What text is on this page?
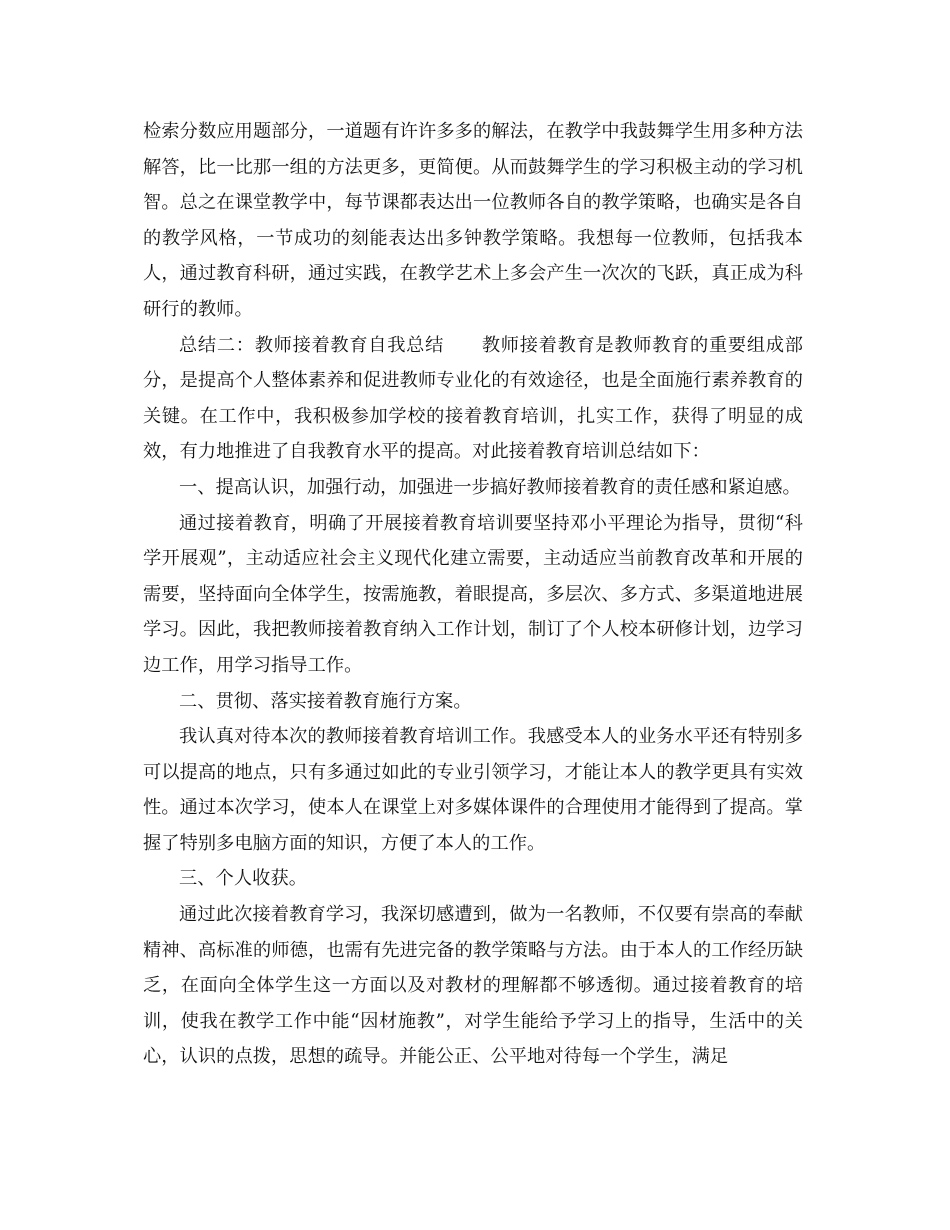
检索分数应用题部分，一道题有许许多多的解法，在教学中我鼓舞学生用多种方法解答，比一比那一组的方法更多，更简便。从而鼓舞学生的学习积极主动的学习机智。总之在课堂教学中，每节课都表达出一位教师各自的教学策略，也确实是各自的教学风格，一节成功的刻能表达出多钟教学策略。我想每一位教师，包括我本人，通过教育科研，通过实践，在教学艺术上多会产生一次次的飞跃，真正成为科研行的教师。

总结二：教师接着教育自我总结　　教师接着教育是教师教育的重要组成部分，是提高个人整体素养和促进教师专业化的有效途径，也是全面施行素养教育的关键。在工作中，我积极参加学校的接着教育培训，扎实工作，获得了明显的成效，有力地推进了自我教育水平的提高。对此接着教育培训总结如下：

一、提高认识，加强行动，加强进一步搞好教师接着教育的责任感和紧迫感。

通过接着教育，明确了开展接着教育培训要坚持邓小平理论为指导，贯彻“科学开展观”，主动适应社会主义现代化建立需要，主动适应当前教育改革和开展的需要，坚持面向全体学生，按需施教，着眼提高，多层次、多方式、多渠道地进展学习。因此，我把教师接着教育纳入工作计划，制订了个人校本研修计划，边学习边工作，用学习指导工作。

二、贯彻、落实接着教育施行方案。

我认真对待本次的教师接着教育培训工作。我感受本人的业务水平还有特别多可以提高的地点，只有多通过如此的专业引领学习，才能让本人的教学更具有实效性。通过本次学习，使本人在课堂上对多媒体课件的合理使用才能得到了提高。掌握了特别多电脑方面的知识，方便了本人的工作。

三、个人收获。

通过此次接着教育学习，我深切感遭到，做为一名教师，不仅要有崇高的奉献精神、高标准的师德，也需有先进完备的教学策略与方法。由于本人的工作经历缺乏，在面向全体学生这一方面以及对教材的理解都不够透彻。通过接着教育的培训，使我在教学工作中能“因材施教”，对学生能给予学习上的指导，生活中的关心，认识的点拨，思想的疏导。并能公正、公平地对待每一个学生，满足
